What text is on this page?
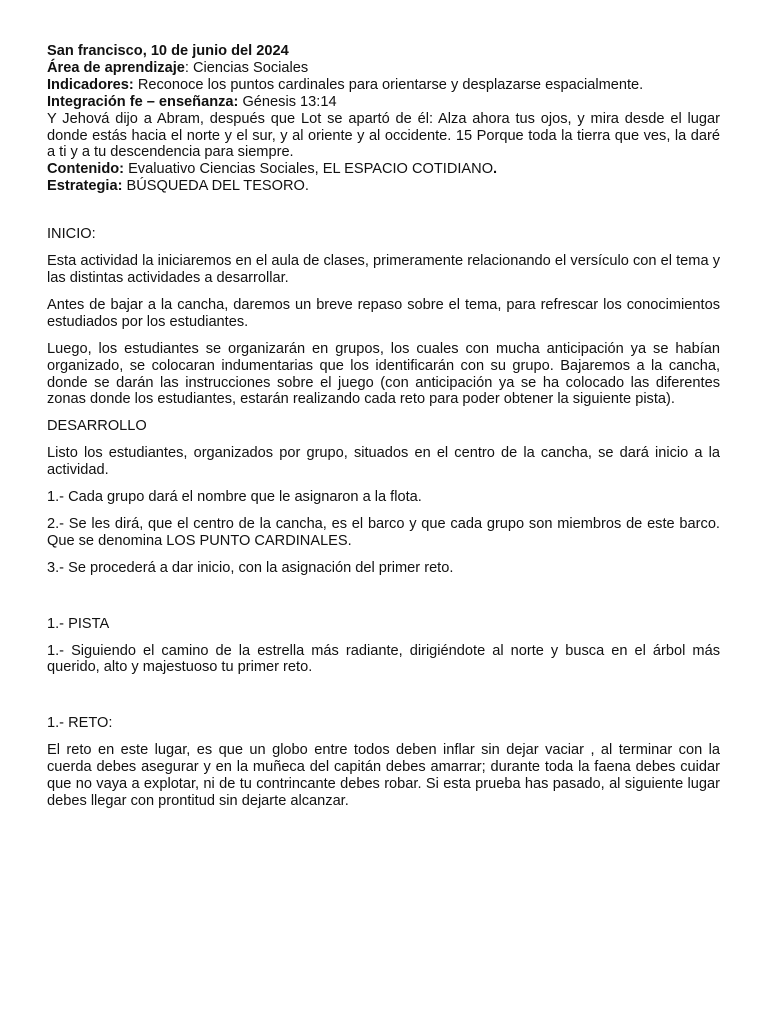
San francisco, 10 de junio del 2024

Área de aprendizaje: Ciencias Sociales

Indicadores: Reconoce los puntos cardinales para orientarse y desplazarse espacialmente.

Integración fe – enseñanza: Génesis 13:14

Y Jehová dijo a Abram, después que Lot se apartó de él: Alza ahora tus ojos, y mira desde el lugar donde estás hacia el norte y el sur, y al oriente y al occidente. 15 Porque toda la tierra que ves, la daré a ti y a tu descendencia para siempre.

Contenido: Evaluativo Ciencias Sociales, EL ESPACIO COTIDIANO.

Estrategia: BÚSQUEDA DEL TESORO.

INICIO:

Esta actividad la iniciaremos en el aula de clases, primeramente relacionando el versículo con el tema y las distintas actividades a desarrollar.

Antes de bajar a la cancha, daremos un breve repaso sobre el tema, para refrescar los conocimientos estudiados por los estudiantes.

Luego, los estudiantes se organizarán en grupos, los cuales con mucha anticipación ya se habían organizado, se colocaran indumentarias que los identificarán con su grupo. Bajaremos a la cancha, donde se darán las instrucciones sobre el juego (con anticipación ya se ha colocado las diferentes zonas donde los estudiantes, estarán realizando cada reto para poder obtener la siguiente pista).

DESARROLLO

Listo los estudiantes, organizados por grupo, situados en el centro de la cancha, se dará inicio a la actividad.

1.- Cada grupo dará el nombre que le asignaron a la flota.

2.- Se les dirá, que el centro de la cancha, es el barco y que cada grupo son miembros de este barco. Que se denomina LOS PUNTO CARDINALES.

3.- Se procederá a dar inicio, con la asignación del primer reto.

1.- PISTA

1.- Siguiendo el camino de la estrella más radiante, dirigiéndote al norte y busca en el árbol más querido, alto y majestuoso tu primer reto.

1.- RETO:

El reto en este lugar, es que un globo entre todos deben inflar sin dejar vaciar , al terminar con la cuerda debes asegurar y en la muñeca del capitán debes amarrar; durante toda la faena debes cuidar que no vaya a explotar, ni de tu contrincante debes robar. Si esta prueba has pasado, al siguiente lugar debes llegar con prontitud sin dejarte alcanzar.
